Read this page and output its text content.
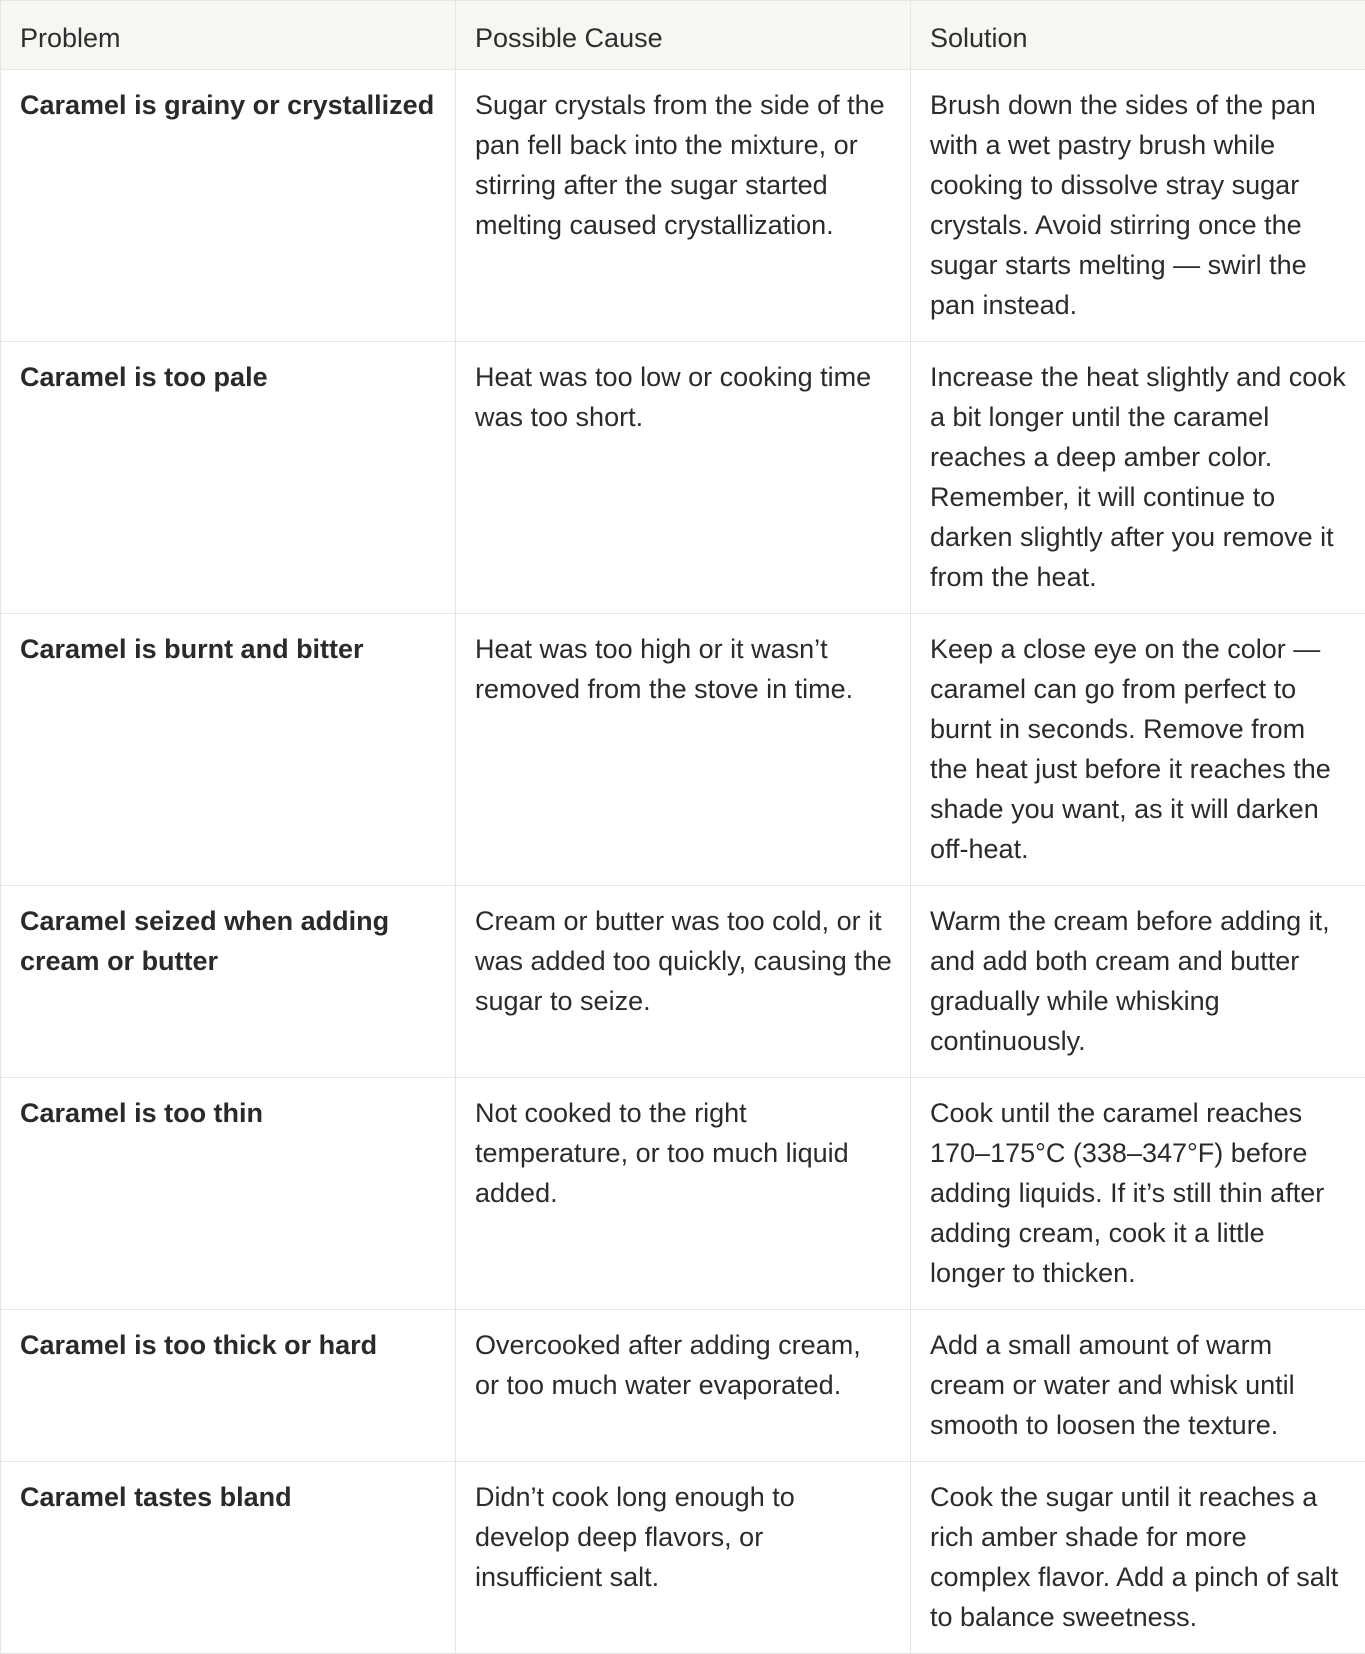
Problem	Possible Cause	Solution
Caramel is grainy or crystallized	Sugar crystals from the side of the pan fell back into the mixture, or stirring after the sugar started melting caused crystallization.	Brush down the sides of the pan with a wet pastry brush while cooking to dissolve stray sugar crystals. Avoid stirring once the sugar starts melting — swirl the pan instead.
Caramel is too pale	Heat was too low or cooking time was too short.	Increase the heat slightly and cook a bit longer until the caramel reaches a deep amber color. Remember, it will continue to darken slightly after you remove it from the heat.
Caramel is burnt and bitter	Heat was too high or it wasn’t removed from the stove in time.	Keep a close eye on the color — caramel can go from perfect to burnt in seconds. Remove from the heat just before it reaches the shade you want, as it will darken off-heat.
Caramel seized when adding cream or butter	Cream or butter was too cold, or it was added too quickly, causing the sugar to seize.	Warm the cream before adding it, and add both cream and butter gradually while whisking continuously.
Caramel is too thin	Not cooked to the right temperature, or too much liquid added.	Cook until the caramel reaches 170–175°C (338–347°F) before adding liquids. If it’s still thin after adding cream, cook it a little longer to thicken.
Caramel is too thick or hard	Overcooked after adding cream, or too much water evaporated.	Add a small amount of warm cream or water and whisk until smooth to loosen the texture.
Caramel tastes bland	Didn’t cook long enough to develop deep flavors, or insufficient salt.	Cook the sugar until it reaches a rich amber shade for more complex flavor. Add a pinch of salt to balance sweetness.
